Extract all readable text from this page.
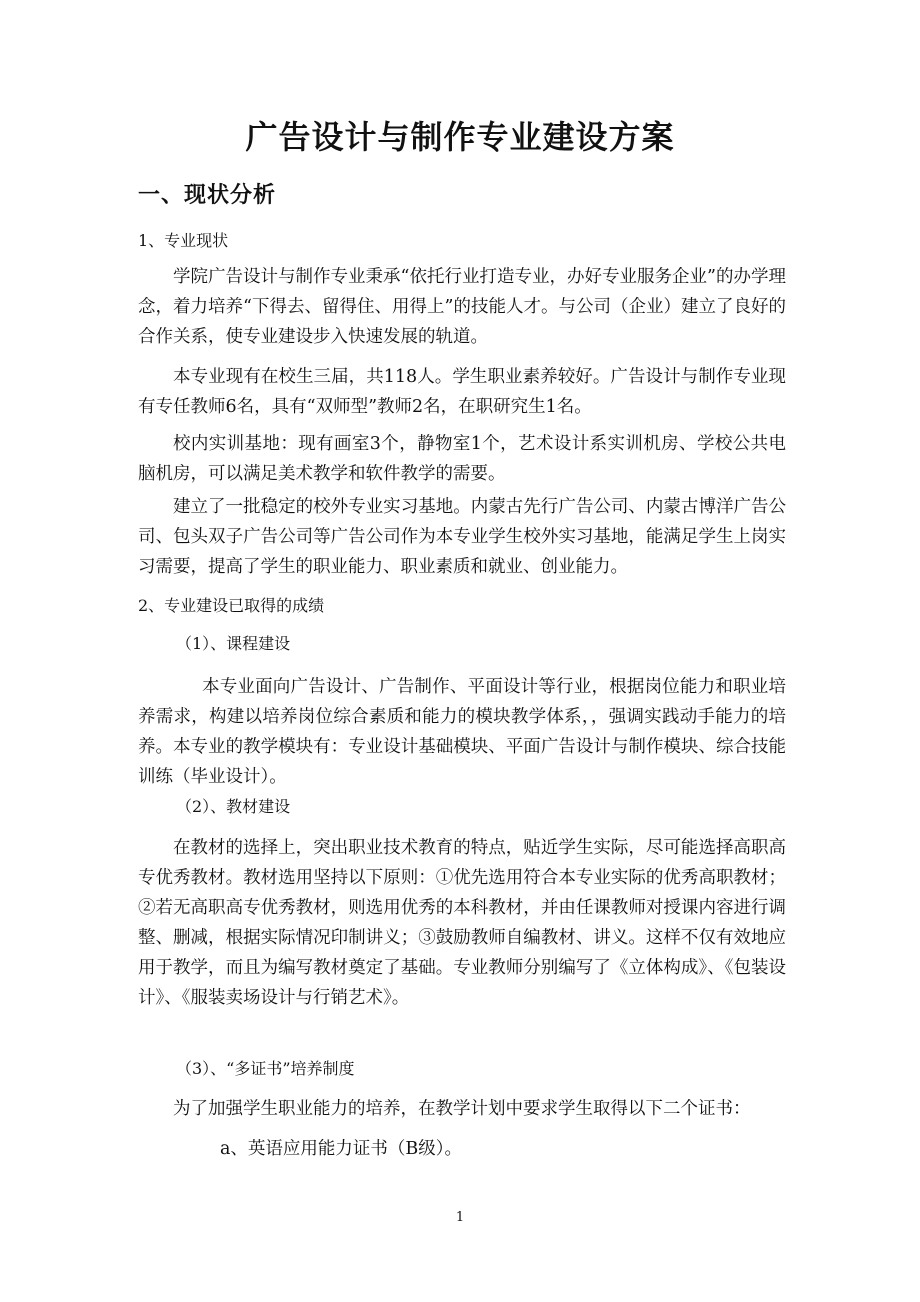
广告设计与制作专业建设方案
一、现状分析

1、专业现状

学院广告设计与制作专业秉承“依托行业打造专业，办好专业服务企业”的办学理念，着力培养“下得去、留得住、用得上”的技能人才。与公司（企业）建立了良好的合作关系，使专业建设步入快速发展的轨道。

本专业现有在校生三届，共118人。学生职业素养较好。广告设计与制作专业现有专任教师6名，具有“双师型”教师2名，在职研究生1名。

校内实训基地：现有画室3个，静物室1个，艺术设计系实训机房、学校公共电脑机房，可以满足美术教学和软件教学的需要。

建立了一批稳定的校外专业实习基地。内蒙古先行广告公司、内蒙古博洋广告公司、包头双子广告公司等广告公司作为本专业学生校外实习基地，能满足学生上岗实习需要，提高了学生的职业能力、职业素质和就业、创业能力。

2、专业建设已取得的成绩

（1）、课程建设

本专业面向广告设计、广告制作、平面设计等行业，根据岗位能力和职业培养需求，构建以培养岗位综合素质和能力的模块教学体系，，强调实践动手能力的培养。本专业的教学模块有：专业设计基础模块、平面广告设计与制作模块、综合技能训练（毕业设计）。

（2）、教材建设

在教材的选择上，突出职业技术教育的特点，贴近学生实际，尽可能选择高职高专优秀教材。教材选用坚持以下原则：①优先选用符合本专业实际的优秀高职教材；②若无高职高专优秀教材，则选用优秀的本科教材，并由任课教师对授课内容进行调整、删减，根据实际情况印制讲义；③鼓励教师自编教材、讲义。这样不仅有效地应用于教学，而且为编写教材奠定了基础。专业教师分别编写了《立体构成》、《包装设计》、《服装卖场设计与行销艺术》。

（3）、“多证书”培养制度

为了加强学生职业能力的培养，在教学计划中要求学生取得以下二个证书：

a、英语应用能力证书（B级）。

1
